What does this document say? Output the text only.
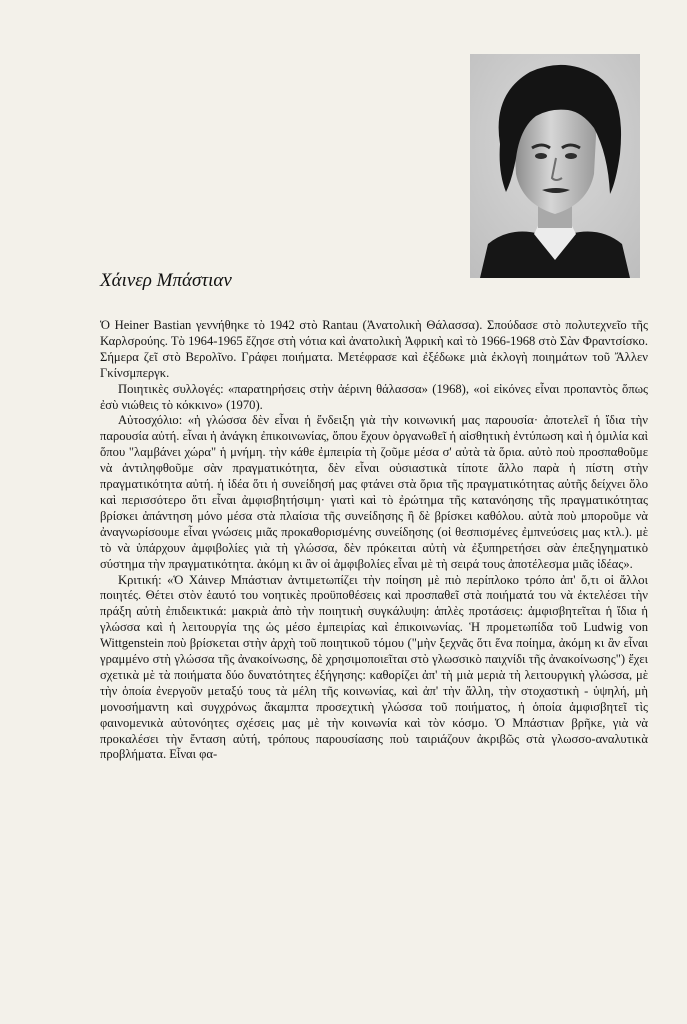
Χάινερ Μπάστιαν

Ὁ Heiner Bastian γεννήθηκε τὸ 1942 στὸ Rantau (Ἀνατολικὴ Θάλασσα). Σπούδασε στὸ πολυτεχνεῖο τῆς Καρλσρούης. Τὸ 1964-1965 ἔζησε στὴ νότια καὶ ἀνατολικὴ Ἀφρικὴ καὶ τὸ 1966-1968 στὸ Σὰν Φραντσίσκο. Σήμερα ζεῖ στὸ Βερολῖνο. Γράφει ποιήματα. Μετέφρασε καὶ ἐξέδωκε μιὰ ἐκλογὴ ποιημάτων τοῦ Ἄλλεν Γκίνσμπεργκ.

Ποιητικὲς συλλογές: «παρατηρήσεις στὴν ἀέρινη θάλασσα» (1968), «οἱ εἰκόνες εἶναι προπαντὸς ὅπως ἐσὺ νιώθεις τὸ κόκκινο» (1970).

Αὐτοσχόλιο: «ἡ γλώσσα δὲν εἶναι ἡ ἔνδειξη γιὰ τὴν κοινωνική μας παρουσία· ἀποτελεῖ ἡ ἴδια τὴν παρουσία αὐτή. εἶναι ἡ ἀνάγκη ἐπικοινωνίας, ὅπου ἔχουν ὀργανωθεῖ ἡ αἰσθητικὴ ἐντύπωση καὶ ἡ ὁμιλία καὶ ὅπου "λαμβάνει χώρα" ἡ μνήμη. τὴν κάθε ἐμπειρία τὴ ζοῦμε μέσα σ' αὐτὰ τὰ ὅρια. αὐτὸ ποὺ προσπαθοῦμε νὰ ἀντιληφθοῦμε σὰν πραγματικότητα, δὲν εἶναι οὐσιαστικὰ τίποτε ἄλλο παρὰ ἡ πίστη στὴν πραγματικότητα αὐτή. ἡ ἰδέα ὅτι ἡ συνείδησή μας φτάνει στὰ ὅρια τῆς πραγματικότητας αὐτῆς δείχνει ὅλο καὶ περισσότερο ὅτι εἶναι ἀμφισβητήσιμη· γιατὶ καὶ τὸ ἐρώτημα τῆς κατανόησης τῆς πραγματικότητας βρίσκει ἀπάντηση μόνο μέσα στὰ πλαίσια τῆς συνείδησης ἢ δὲ βρίσκει καθόλου. αὐτὰ ποὺ μποροῦμε νὰ ἀναγνωρίσουμε εἶναι γνώσεις μιᾶς προκαθορισμένης συνείδησης (οἱ θεσπισμένες ἐμπνεύσεις μας κτλ.). μὲ τὸ νὰ ὑπάρχουν ἀμφιβολίες γιὰ τὴ γλώσσα, δὲν πρόκειται αὐτὴ νὰ ἐξυπηρετήσει σὰν ἐπεξηγηματικὸ σύστημα τὴν πραγματικότητα. ἀκόμη κι ἂν οἱ ἀμφιβολίες εἶναι μὲ τὴ σειρά τους ἀποτέλεσμα μιᾶς ἰδέας».

Κριτική: «Ὁ Χάινερ Μπάστιαν ἀντιμετωπίζει τὴν ποίηση μὲ πιὸ περίπλοκο τρόπο ἀπ' ὅ,τι οἱ ἄλλοι ποιητές. Θέτει στὸν ἑαυτό του νοητικὲς προϋποθέσεις καὶ προσπαθεῖ στὰ ποιήματά του νὰ ἐκτελέσει τὴν πράξη αὐτὴ ἐπιδεικτικά: μακριὰ ἀπὸ τὴν ποιητικὴ συγκάλυψη: ἁπλὲς προτάσεις: ἀμφισβητεῖται ἡ ἴδια ἡ γλώσσα καὶ ἡ λειτουργία της ὡς μέσο ἐμπειρίας καὶ ἐπικοινωνίας. Ἡ προμετωπίδα τοῦ Ludwig von Wittgenstein ποὺ βρίσκεται στὴν ἀρχὴ τοῦ ποιητικοῦ τόμου ("μὴν ξεχνᾶς ὅτι ἕνα ποίημα, ἀκόμη κι ἂν εἶναι γραμμένο στὴ γλώσσα τῆς ἀνακοίνωσης, δὲ χρησιμοποιεῖται στὸ γλωσσικὸ παιχνίδι τῆς ἀνακοίνωσης") ἔχει σχετικὰ μὲ τὰ ποιήματα δύο δυνατότητες ἐξήγησης: καθορίζει ἀπ' τὴ μιὰ μεριὰ τὴ λειτουργικὴ γλώσσα, μὲ τὴν ὁποία ἐνεργοῦν μεταξύ τους τὰ μέλη τῆς κοινωνίας, καὶ ἀπ' τὴν ἄλλη, τὴν στοχαστικὴ - ὑψηλή, μὴ μονοσήμαντη καὶ συγχρόνως ἄκαμπτα προσεχτικὴ γλώσσα τοῦ ποιήματος, ἡ ὁποία ἀμφισβητεῖ τὶς φαινομενικὰ αὐτονόητες σχέσεις μας μὲ τὴν κοινωνία καὶ τὸν κόσμο. Ὁ Μπάστιαν βρῆκε, γιὰ νὰ προκαλέσει τὴν ἔνταση αὐτή, τρόπους παρουσίασης ποὺ ταιριάζουν ἀκριβῶς στὰ γλωσσο-αναλυτικὰ προβλήματα. Εἶναι φα-
